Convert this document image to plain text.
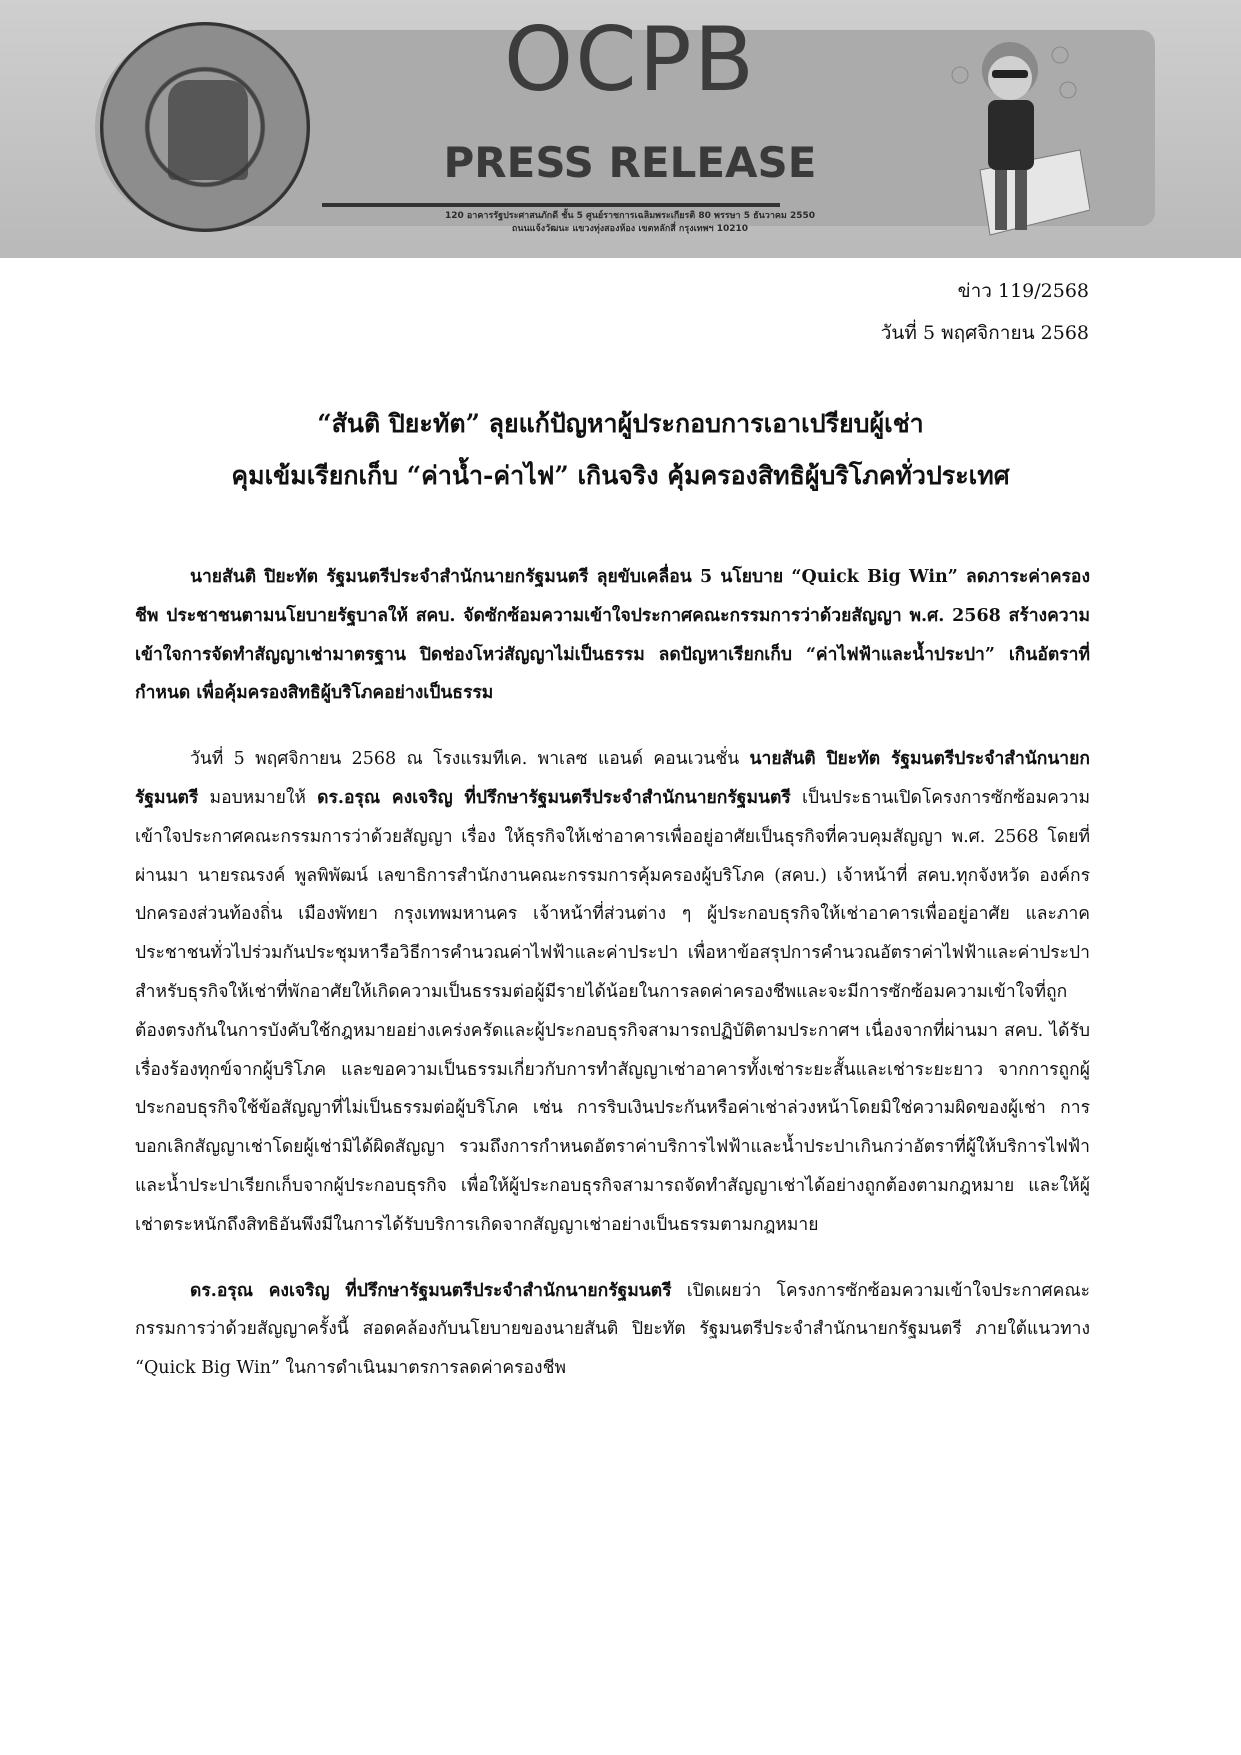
OCPB
PRESS RELEASE
120 อาคารรัฐประศาสนภักดี ชั้น 5 ศูนย์ราชการเฉลิมพระเกียรติ 80 พรรษา 5 ธันวาคม 2550
ถนนแจ้งวัฒนะ แขวงทุ่งสองห้อง เขตหลักสี่ กรุงเทพฯ 10210
ข่าว 119/2568
วันที่ 5 พฤศจิกายน 2568
“สันติ ปิยะทัต” ลุยแก้ปัญหาผู้ประกอบการเอาเปรียบผู้เช่า
คุมเข้มเรียกเก็บ “ค่าน้ำ-ค่าไฟ” เกินจริง คุ้มครองสิทธิผู้บริโภคทั่วประเทศ

นายสันติ ปิยะทัต รัฐมนตรีประจำสำนักนายกรัฐมนตรี ลุยขับเคลื่อน 5 นโยบาย “Quick Big Win” ลดภาระค่าครองชีพ ประชาชนตามนโยบายรัฐบาลให้ สคบ. จัดซักซ้อมความเข้าใจประกาศคณะกรรมการว่าด้วยสัญญา พ.ศ. 2568 สร้างความเข้าใจการจัดทำสัญญาเช่ามาตรฐาน ปิดช่องโหว่สัญญาไม่เป็นธรรม ลดปัญหาเรียกเก็บ “ค่าไฟฟ้าและน้ำประปา” เกินอัตราที่กำหนด เพื่อคุ้มครองสิทธิผู้บริโภคอย่างเป็นธรรม

วันที่ 5 พฤศจิกายน 2568 ณ โรงแรมทีเค. พาเลซ แอนด์ คอนเวนชั่น นายสันติ ปิยะทัต รัฐมนตรีประจำสำนักนายกรัฐมนตรี มอบหมายให้ ดร.อรุณ คงเจริญ ที่ปรึกษารัฐมนตรีประจำสำนักนายกรัฐมนตรี เป็นประธานเปิดโครงการซักซ้อมความเข้าใจประกาศคณะกรรมการว่าด้วยสัญญา เรื่อง ให้ธุรกิจให้เช่าอาคารเพื่ออยู่อาศัยเป็นธุรกิจที่ควบคุมสัญญา พ.ศ. 2568 โดยที่ผ่านมา นายรณรงค์ พูลพิพัฒน์ เลขาธิการสำนักงานคณะกรรมการคุ้มครองผู้บริโภค (สคบ.) เจ้าหน้าที่ สคบ.ทุกจังหวัด องค์กรปกครองส่วนท้องถิ่น เมืองพัทยา กรุงเทพมหานคร เจ้าหน้าที่ส่วนต่าง ๆ ผู้ประกอบธุรกิจให้เช่าอาคารเพื่ออยู่อาศัย และภาคประชาชนทั่วไปร่วมกันประชุมหารือวิธีการคำนวณค่าไฟฟ้าและค่าประปา เพื่อหาข้อสรุปการคำนวณอัตราค่าไฟฟ้าและค่าประปาสำหรับธุรกิจให้เช่าที่พักอาศัยให้เกิดความเป็นธรรมต่อผู้มีรายได้น้อยในการลดค่าครองชีพและจะมีการซักซ้อมความเข้าใจที่ถูกต้องตรงกันในการบังคับใช้กฎหมายอย่างเคร่งครัดและผู้ประกอบธุรกิจสามารถปฏิบัติตามประกาศฯ เนื่องจากที่ผ่านมา สคบ. ได้รับเรื่องร้องทุกข์จากผู้บริโภค และขอความเป็นธรรมเกี่ยวกับการทำสัญญาเช่าอาคารทั้งเช่าระยะสั้นและเช่าระยะยาว จากการถูกผู้ประกอบธุรกิจใช้ข้อสัญญาที่ไม่เป็นธรรมต่อผู้บริโภค เช่น การริบเงินประกันหรือค่าเช่าล่วงหน้าโดยมิใช่ความผิดของผู้เช่า การบอกเลิกสัญญาเช่าโดยผู้เช่ามิได้ผิดสัญญา รวมถึงการกำหนดอัตราค่าบริการไฟฟ้าและน้ำประปาเกินกว่าอัตราที่ผู้ให้บริการไฟฟ้าและน้ำประปาเรียกเก็บจากผู้ประกอบธุรกิจ เพื่อให้ผู้ประกอบธุรกิจสามารถจัดทำสัญญาเช่าได้อย่างถูกต้องตามกฎหมาย และให้ผู้เช่าตระหนักถึงสิทธิอันพึงมีในการได้รับบริการเกิดจากสัญญาเช่าอย่างเป็นธรรมตามกฎหมาย

ดร.อรุณ คงเจริญ ที่ปรึกษารัฐมนตรีประจำสำนักนายกรัฐมนตรี เปิดเผยว่า โครงการซักซ้อมความเข้าใจประกาศคณะกรรมการว่าด้วยสัญญาครั้งนี้ สอดคล้องกับนโยบายของนายสันติ ปิยะทัต รัฐมนตรีประจำสำนักนายกรัฐมนตรี ภายใต้แนวทาง “Quick Big Win” ในการดำเนินมาตรการลดค่าครองชีพ
